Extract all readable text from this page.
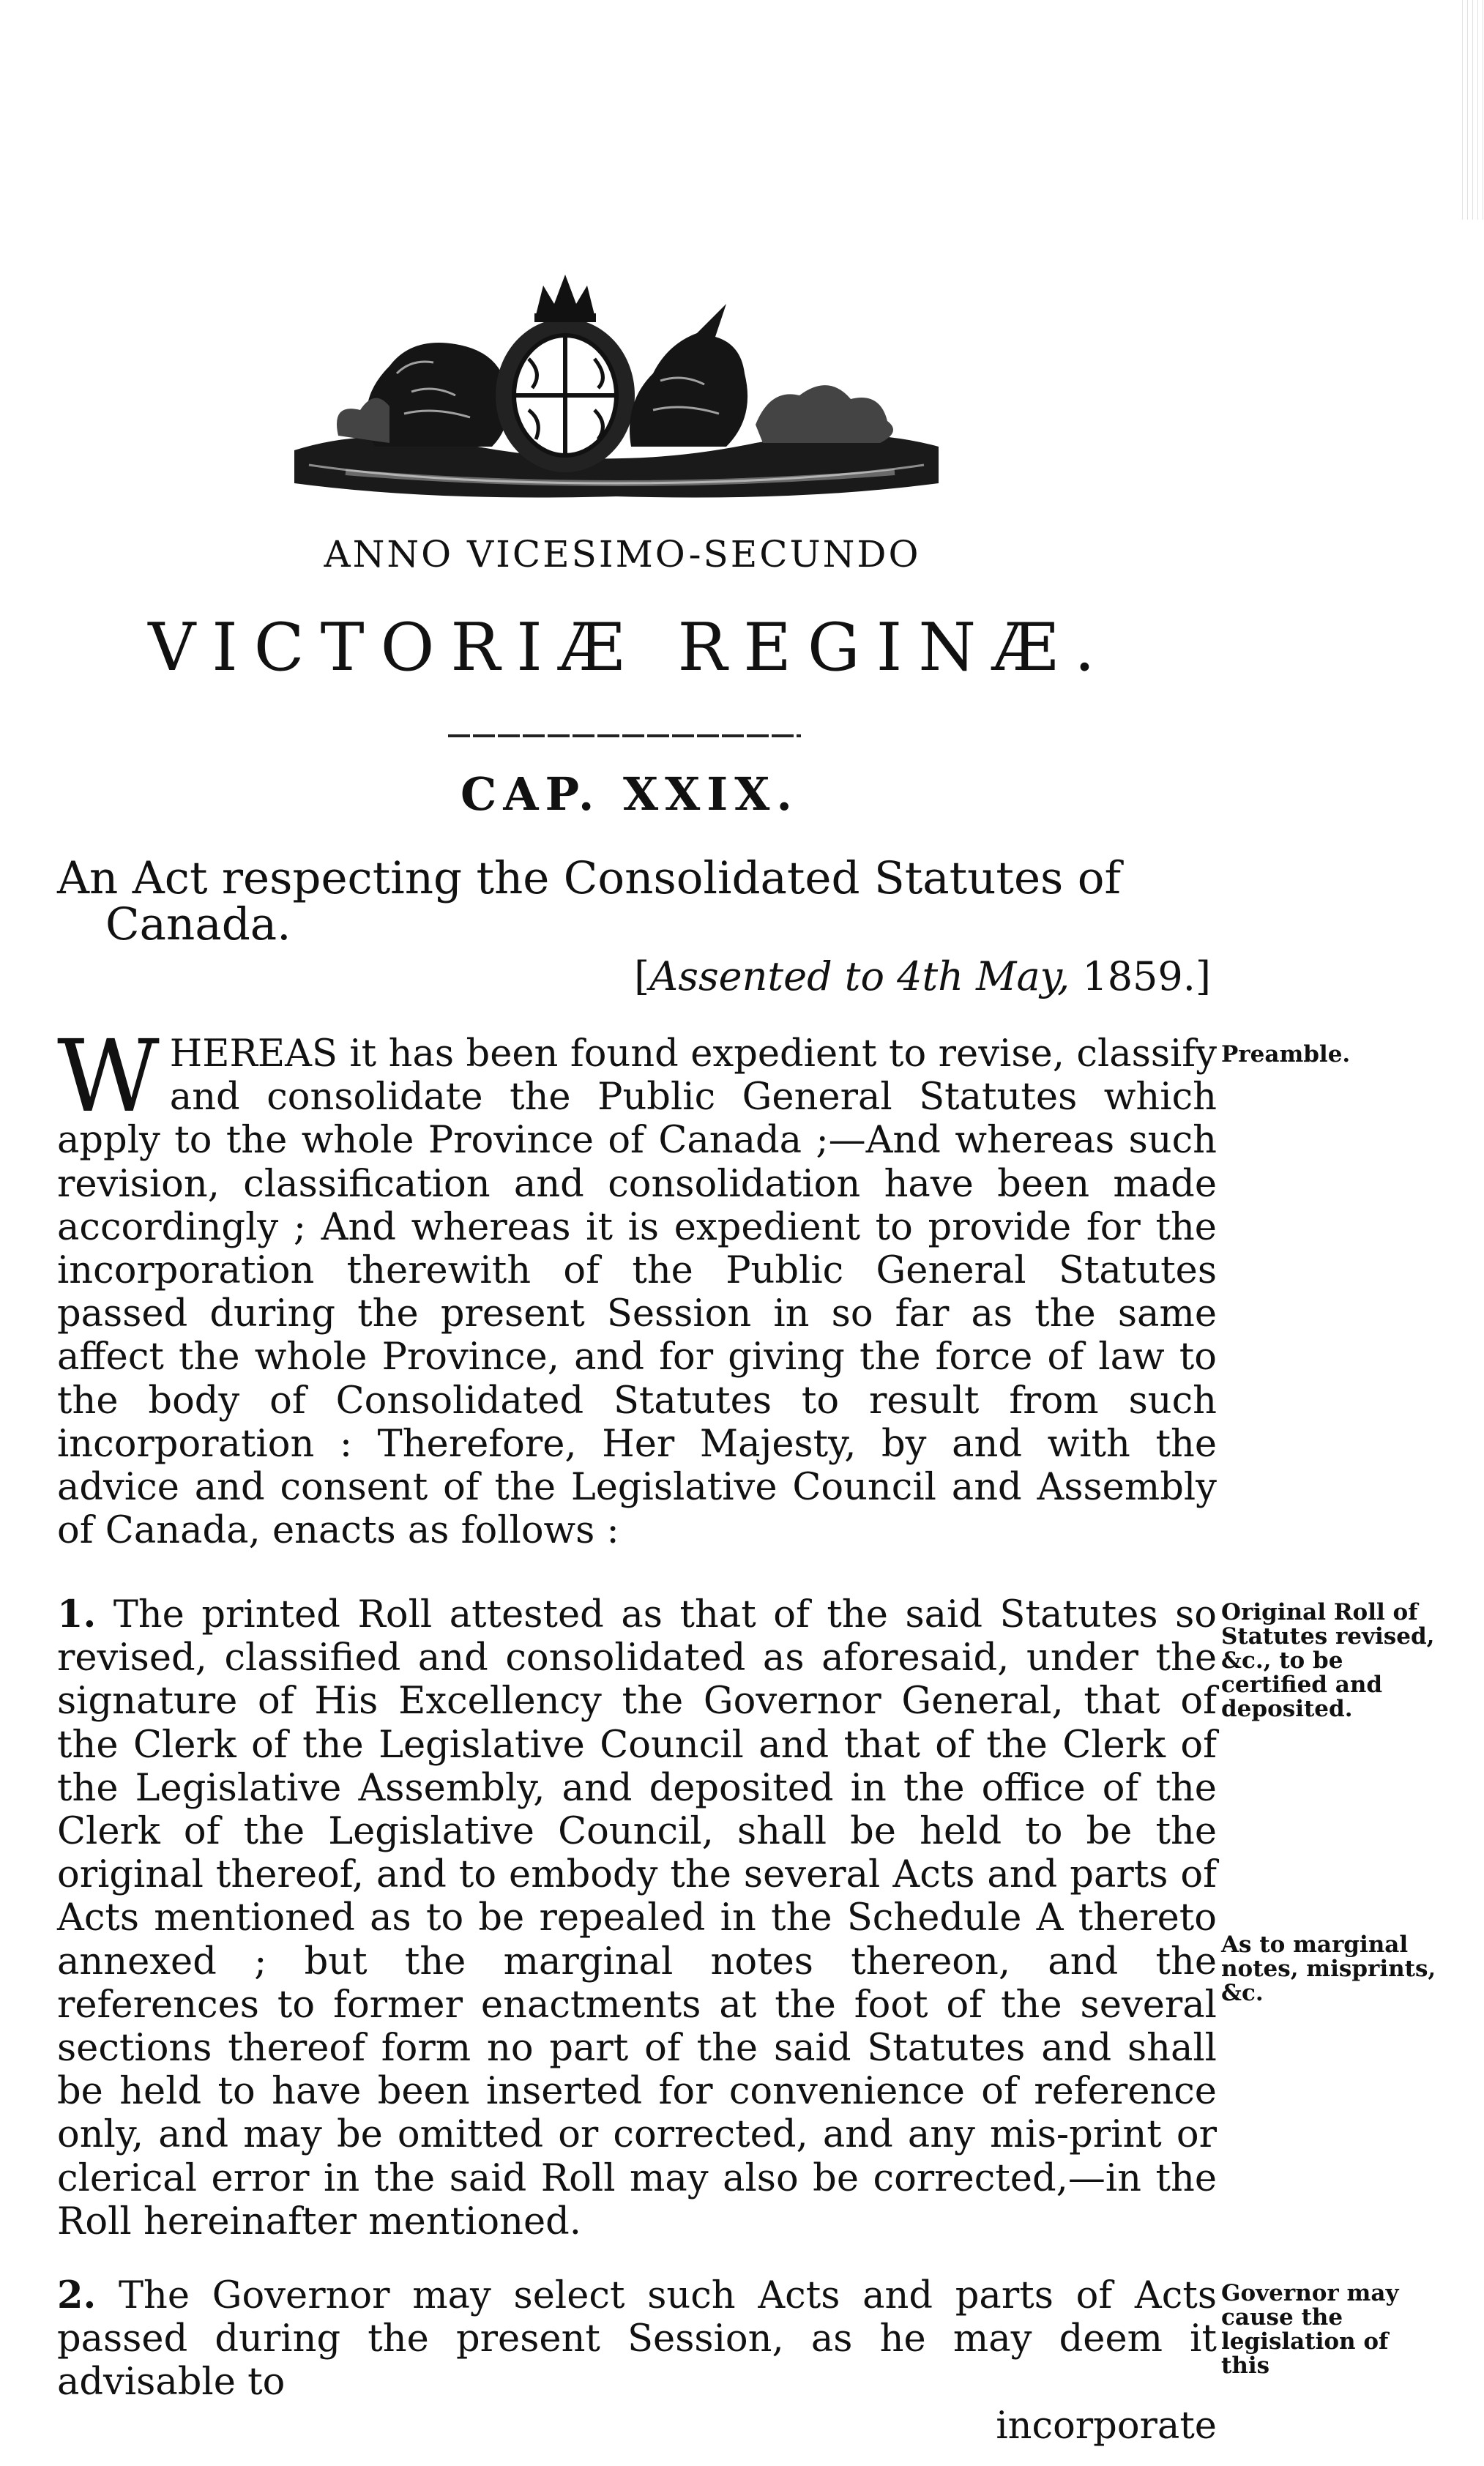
ANNO VICESIMO-SECUNDO
VICTORIÆ REGINÆ.
CAP. XXIX.
An Act respecting the Consolidated Statutes of
Canada.
[Assented to 4th May, 1859.]
WHEREAS it has been found expedient to revise, classify and consolidate the Public General Statutes which apply to the whole Province of Canada ;—And whereas such revision, classification and consolidation have been made accordingly ; And whereas it is expedient to provide for the incorporation therewith of the Public General Statutes passed during the present Session in so far as the same affect the whole Province, and for giving the force of law to the body of Consolidated Statutes to result from such incorporation : Therefore, Her Majesty, by and with the advice and consent of the Legislative Council and Assembly of Canada, enacts as follows :
1. The printed Roll attested as that of the said Statutes so revised, classified and consolidated as aforesaid, under the signature of His Excellency the Governor General, that of the Clerk of the Legislative Council and that of the Clerk of the Legislative Assembly, and deposited in the office of the Clerk of the Legislative Council, shall be held to be the original thereof, and to embody the several Acts and parts of Acts mentioned as to be repealed in the Schedule A thereto annexed ; but the marginal notes thereon, and the references to former enactments at the foot of the several sections thereof form no part of the said Statutes and shall be held to have been inserted for convenience of reference only, and may be omitted or corrected, and any mis-print or clerical error in the said Roll may also be corrected,—in the Roll hereinafter mentioned.
2. The Governor may select such Acts and parts of Acts passed during the present Session, as he may deem it advisable to
incorporate
Preamble.
Original Roll of Statutes revised, &c., to be certified and deposited.
As to marginal notes, misprints, &c.
Governor may cause the legislation of this
